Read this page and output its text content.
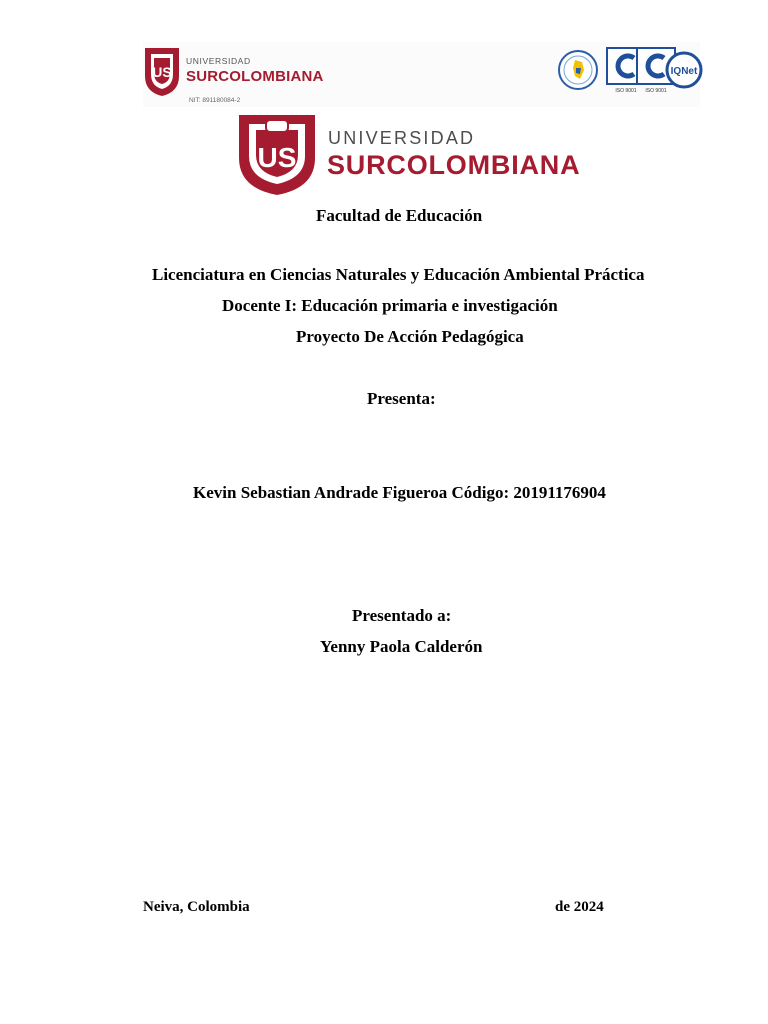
US
UNIVERSIDAD
SURCOLOMBIANA
NIT: 891180084-2
ISO 9001	ISO 9001
IQNet
US
UNIVERSIDAD
SURCOLOMBIANA
Facultad de Educación
Licenciatura en Ciencias Naturales y Educación Ambiental Práctica
Docente I: Educación primaria e investigación
Proyecto De Acción Pedagógica
Presenta:
Kevin Sebastian Andrade Figueroa Código: 20191176904
Presentado a:
Yenny Paola Calderón
Neiva, Colombia	de 2024
